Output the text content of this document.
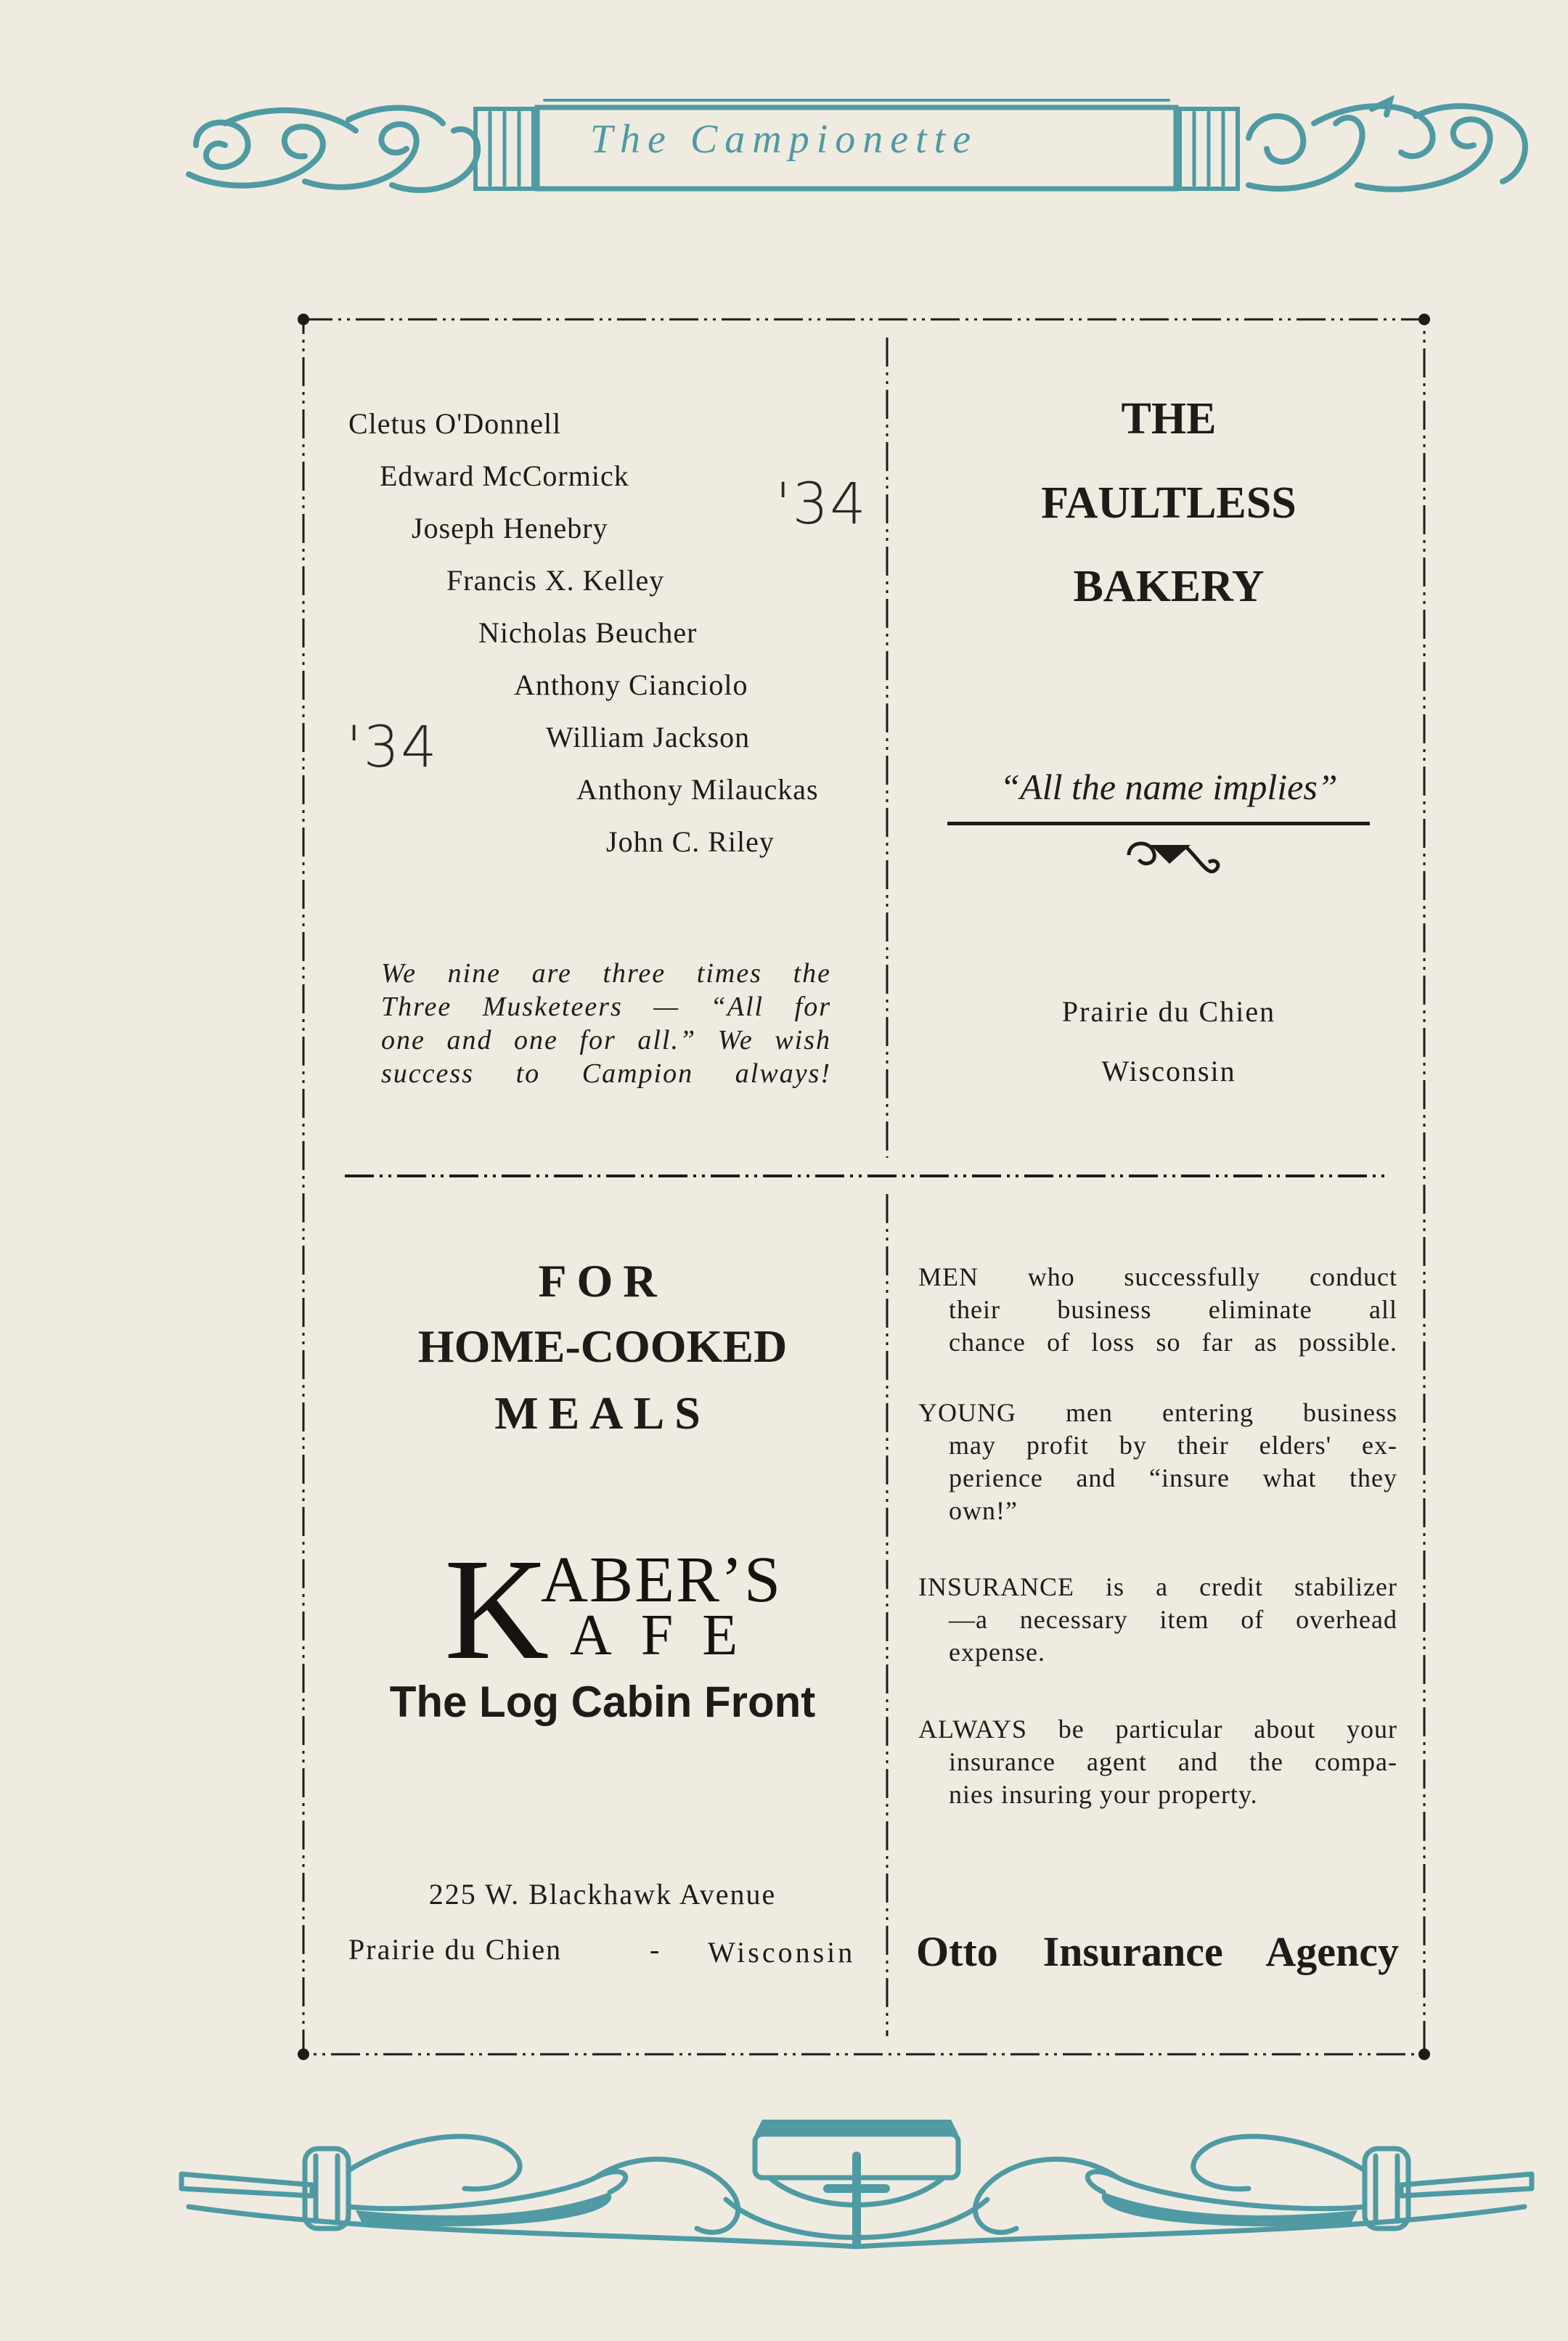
The Campionette
Cletus O'Donnell
Edward McCormick
Joseph Henebry
Francis X. Kelley
Nicholas Beucher
Anthony Cianciolo
William Jackson
Anthony Milauckas
John C. Riley
'34
'34
We nine are three times the
Three Musketeers — “All for
one and one for all.” We wish
success to Campion always!
THE
FAULTLESS
BAKERY
“All the name implies”
Prairie du Chien
Wisconsin
FOR
HOME-COOKED
MEALS
K
ABER’S
AFE
The Log Cabin Front
225 W. Blackhawk Avenue
Prairie du Chien	- Wisconsin
MEN who successfully conduct
their business eliminate all
chance of loss so far as possible.
YOUNG men entering business
may profit by their elders' ex-
perience and “insure what they
own!”
INSURANCE is a credit stabilizer
—a necessary item of overhead
expense.
ALWAYS be particular about your
insurance agent and the compa-
nies insuring your property.
Otto Insurance Agency
